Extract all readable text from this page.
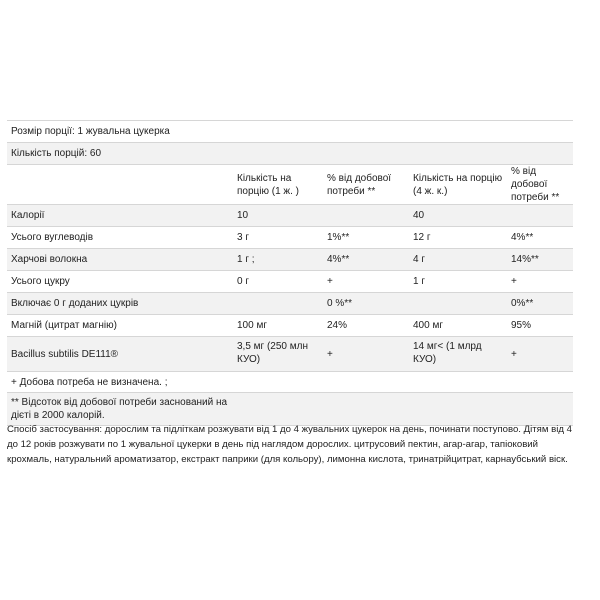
Розмір порції: 1 жувальна цукерка				
Кількість порцій: 60				
	Кількість на порцію (1 ж. )	% від добової потреби **	Кількість на порцію (4 ж. к.)	% від добової потреби **
Калорії	10		40	
Усього вуглеводів	3 г	1%**	12 г	4%**
Харчові волокна	1 г ;	4%**	4 г	14%**
Усього цукру	0 г	+	1 г	+
Включає 0 г доданих цукрів		0 %**		0%**
Магній (цитрат магнію)	100 мг	24%	400 мг	95%
Bacillus subtilis DE111®	3,5 мг (250 млн КУО)	+	14 мг< (1 млрд КУО)	+
+ Добова потреба не визначена. ;				
** Відсоток від добової потреби заснований на дієті в 2000 калорій.				
Спосіб застосування: дорослим та підліткам розжувати від 1 до 4 жувальних цукерок на день, починати поступово. Дітям від 4 до 12 років розжувати по 1 жувальної цукерки в день під наглядом дорослих. цитрусовий пектин, агар-агар, тапіоковий крохмаль, натуральний ароматизатор, екстракт паприки (для кольору), лимонна кислота, тринатрійцитрат, карнаубський віск.
